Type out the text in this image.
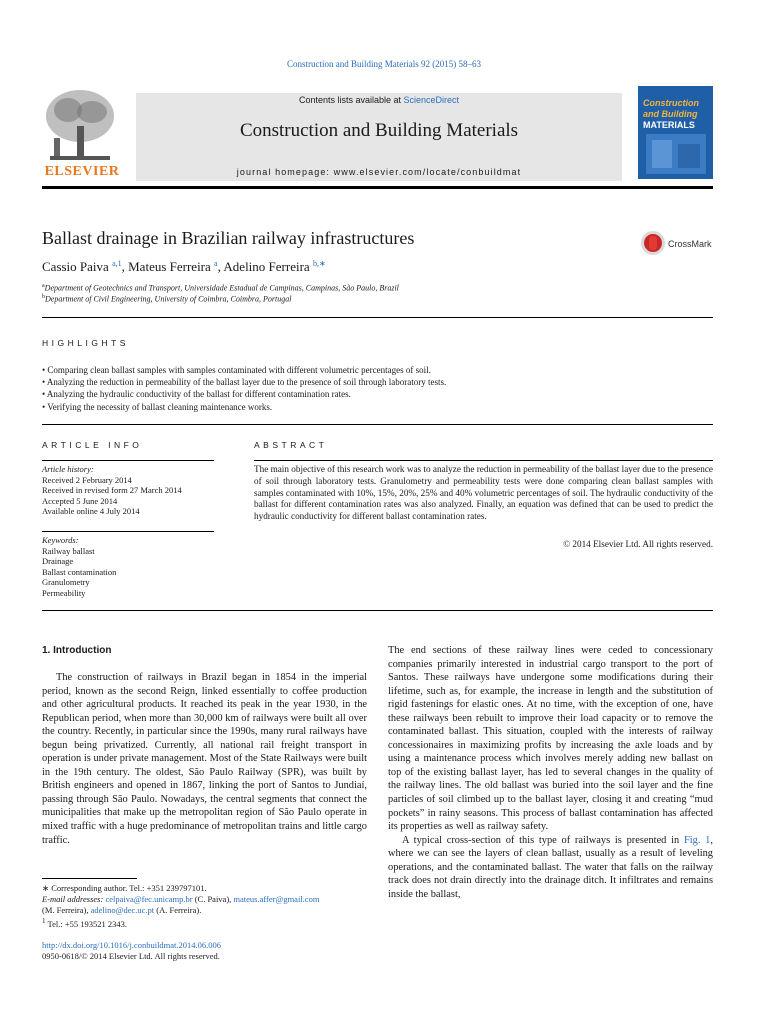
Construction and Building Materials 92 (2015) 58–63
ELSEVIER
Contents lists available at ScienceDirect
Construction and Building Materials
journal homepage: www.elsevier.com/locate/conbuildmat
Construction
and Building
MATERIALS
Ballast drainage in Brazilian railway infrastructures	CrossMark
Cassio Paiva $^{a,1}$, Mateus Ferreira $^a$, Adelino Ferreira $^{b,∗}$
$^a$Department of Geotechnics and Transport, Universidade Estadual de Campinas, Campinas, São Paulo, Brazil
$^b$Department of Civil Engineering, University of Coimbra, Coimbra, Portugal
HIGHLIGHTS
• Comparing clean ballast samples with samples contaminated with different volumetric percentages of soil.
• Analyzing the reduction in permeability of the ballast layer due to the presence of soil through laboratory tests.
• Analyzing the hydraulic conductivity of the ballast for different contamination rates.
• Verifying the necessity of ballast cleaning maintenance works.
ARTICLE INFO
Article history:
Received 2 February 2014
Received in revised form 27 March 2014
Accepted 5 June 2014
Available online 4 July 2014
Keywords:
Railway ballast
Drainage
Ballast contamination
Granulometry
Permeability
ABSTRACT
The main objective of this research work was to analyze the reduction in permeability of the ballast layer due to the presence of soil through laboratory tests. Granulometry and permeability tests were done comparing clean ballast samples with samples contaminated with 10%, 15%, 20%, 25% and 40% volumetric percentages of soil. The hydraulic conductivity of the ballast for different contamination rates was also analyzed. Finally, an equation was defined that can be used to predict the hydraulic conductivity for different ballast contamination rates.
© 2014 Elsevier Ltd. All rights reserved.
1. Introduction

The construction of railways in Brazil began in 1854 in the imperial period, known as the second Reign, linked essentially to coffee production and other agricultural products. It reached its peak in the year 1930, in the Republican period, when more than 30,000 km of railways were built all over the country. Recently, in particular since the 1990s, many rural railways have begun being privatized. Currently, all national rail freight transport in operation is under private management. Most of the State Railways were built in the 19th century. The oldest, São Paulo Railway (SPR), was built by British engineers and opened in 1867, linking the port of Santos to Jundiaí, passing through São Paulo. Nowadays, the central segments that connect the municipalities that make up the metropolitan region of São Paulo operate in mixed traffic with a huge predominance of metropolitan trains and little cargo traffic.

The end sections of these railway lines were ceded to concessionary companies primarily interested in industrial cargo transport to the port of Santos. These railways have undergone some modifications during their lifetime, such as, for example, the increase in length and the substitution of rigid fastenings for elastic ones. At no time, with the exception of one, have these railways been rebuilt to improve their load capacity or to remove the contaminated ballast. This situation, coupled with the interests of railway concessionaires in maximizing profits by increasing the axle loads and by using a maintenance process which involves merely adding new ballast on top of the existing ballast layer, has led to several changes in the quality of the railway lines. The old ballast was buried into the soil layer and the fine particles of soil climbed up to the ballast layer, closing it and creating “mud pockets” in rainy seasons. This process of ballast contamination has affected its properties as well as railway safety.

A typical cross-section of this type of railways is presented in Fig. 1, where we can see the layers of clean ballast, usually as a result of leveling operations, and the contaminated ballast. The water that falls on the railway track does not drain directly into the drainage ditch. It infiltrates and remains inside the ballast,

∗ Corresponding author. Tel.: +351 239797101.
E-mail addresses: celpaiva@fec.unicamp.br (C. Paiva), mateus.affer@gmail.com
(M. Ferreira), adelino@dec.uc.pt (A. Ferreira).
$^1$ Tel.: +55 193521 2343.
http://dx.doi.org/10.1016/j.conbuildmat.2014.06.006
0950-0618/© 2014 Elsevier Ltd. All rights reserved.
